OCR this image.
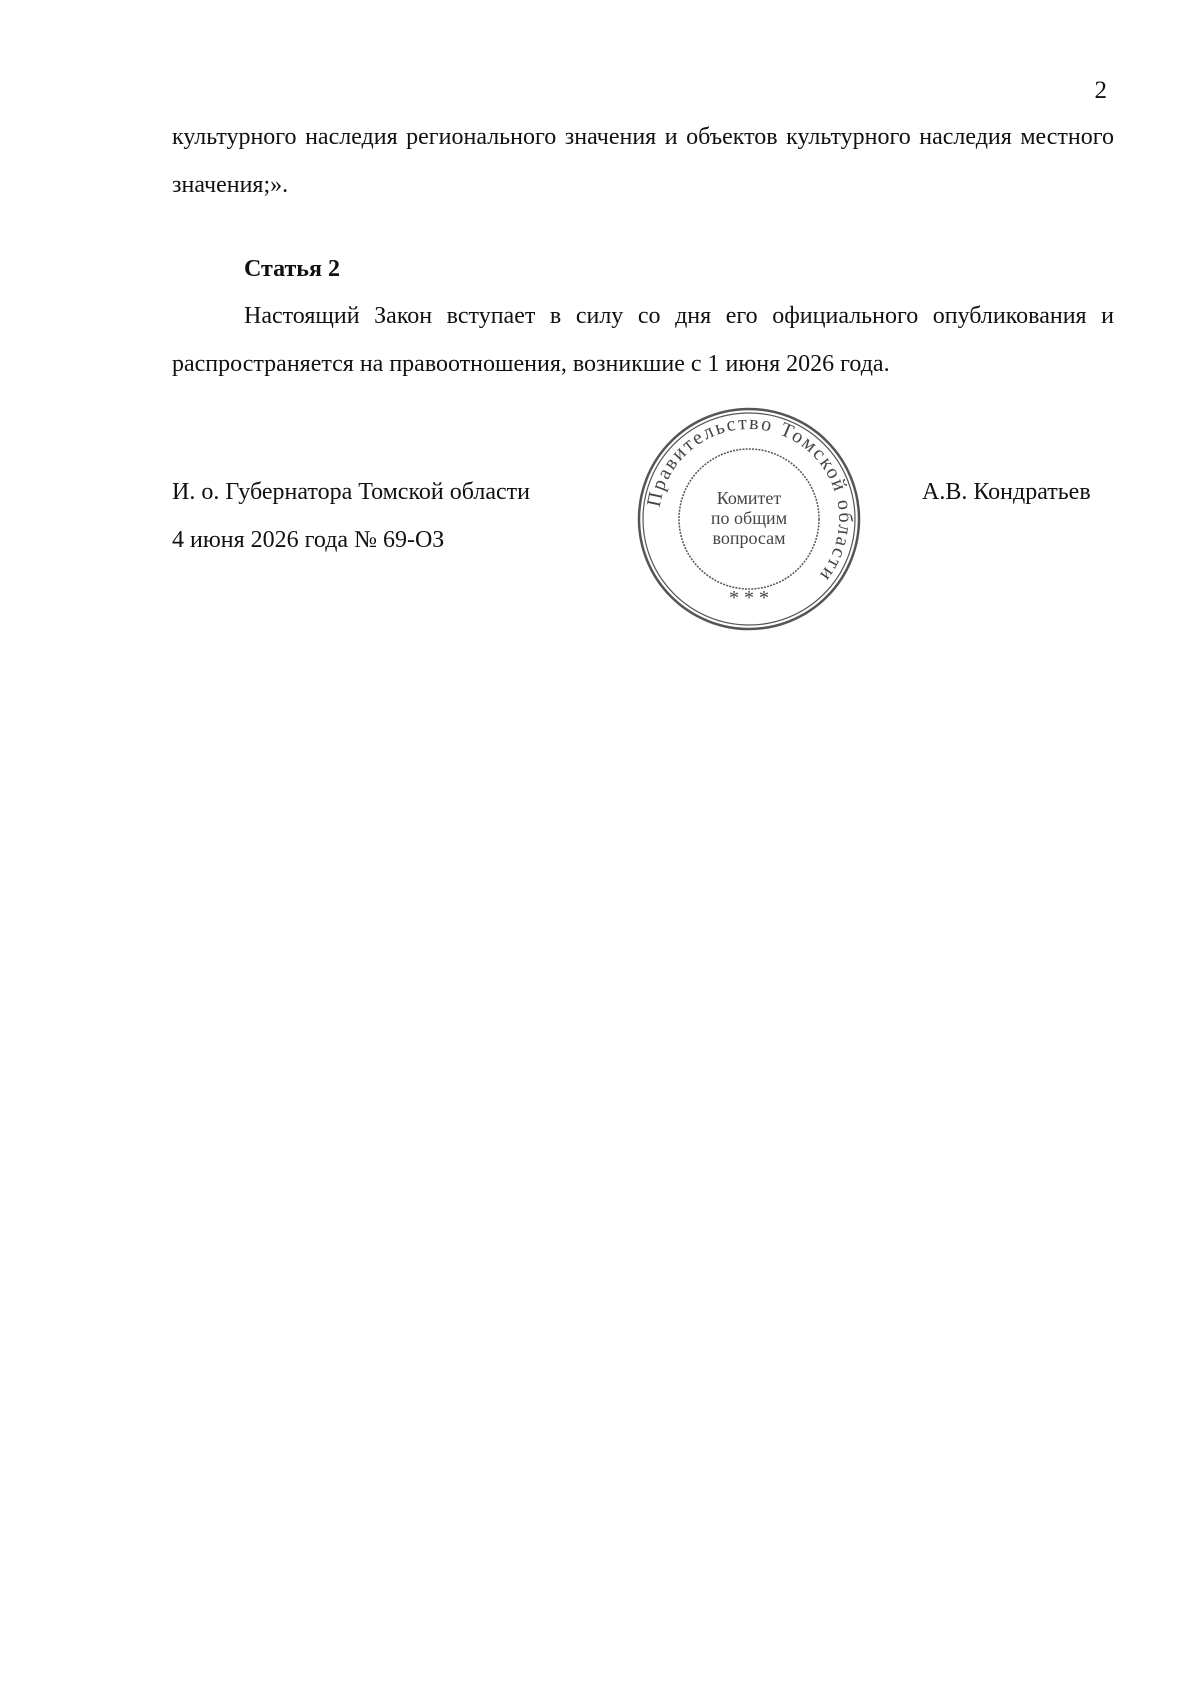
2
культурного наследия регионального значения и объектов культурного наследия местного значения;».
Статья 2
Настоящий Закон вступает в силу со дня его официального опубликования и распространяется на правоотношения, возникшие с 1 июня 2026 года.
И. о. Губернатора Томской области
4 июня 2026 года № 69-ОЗ
А.В. Кондратьев
Правительство Томской области
Комитет
по общим
вопросам
* * *
